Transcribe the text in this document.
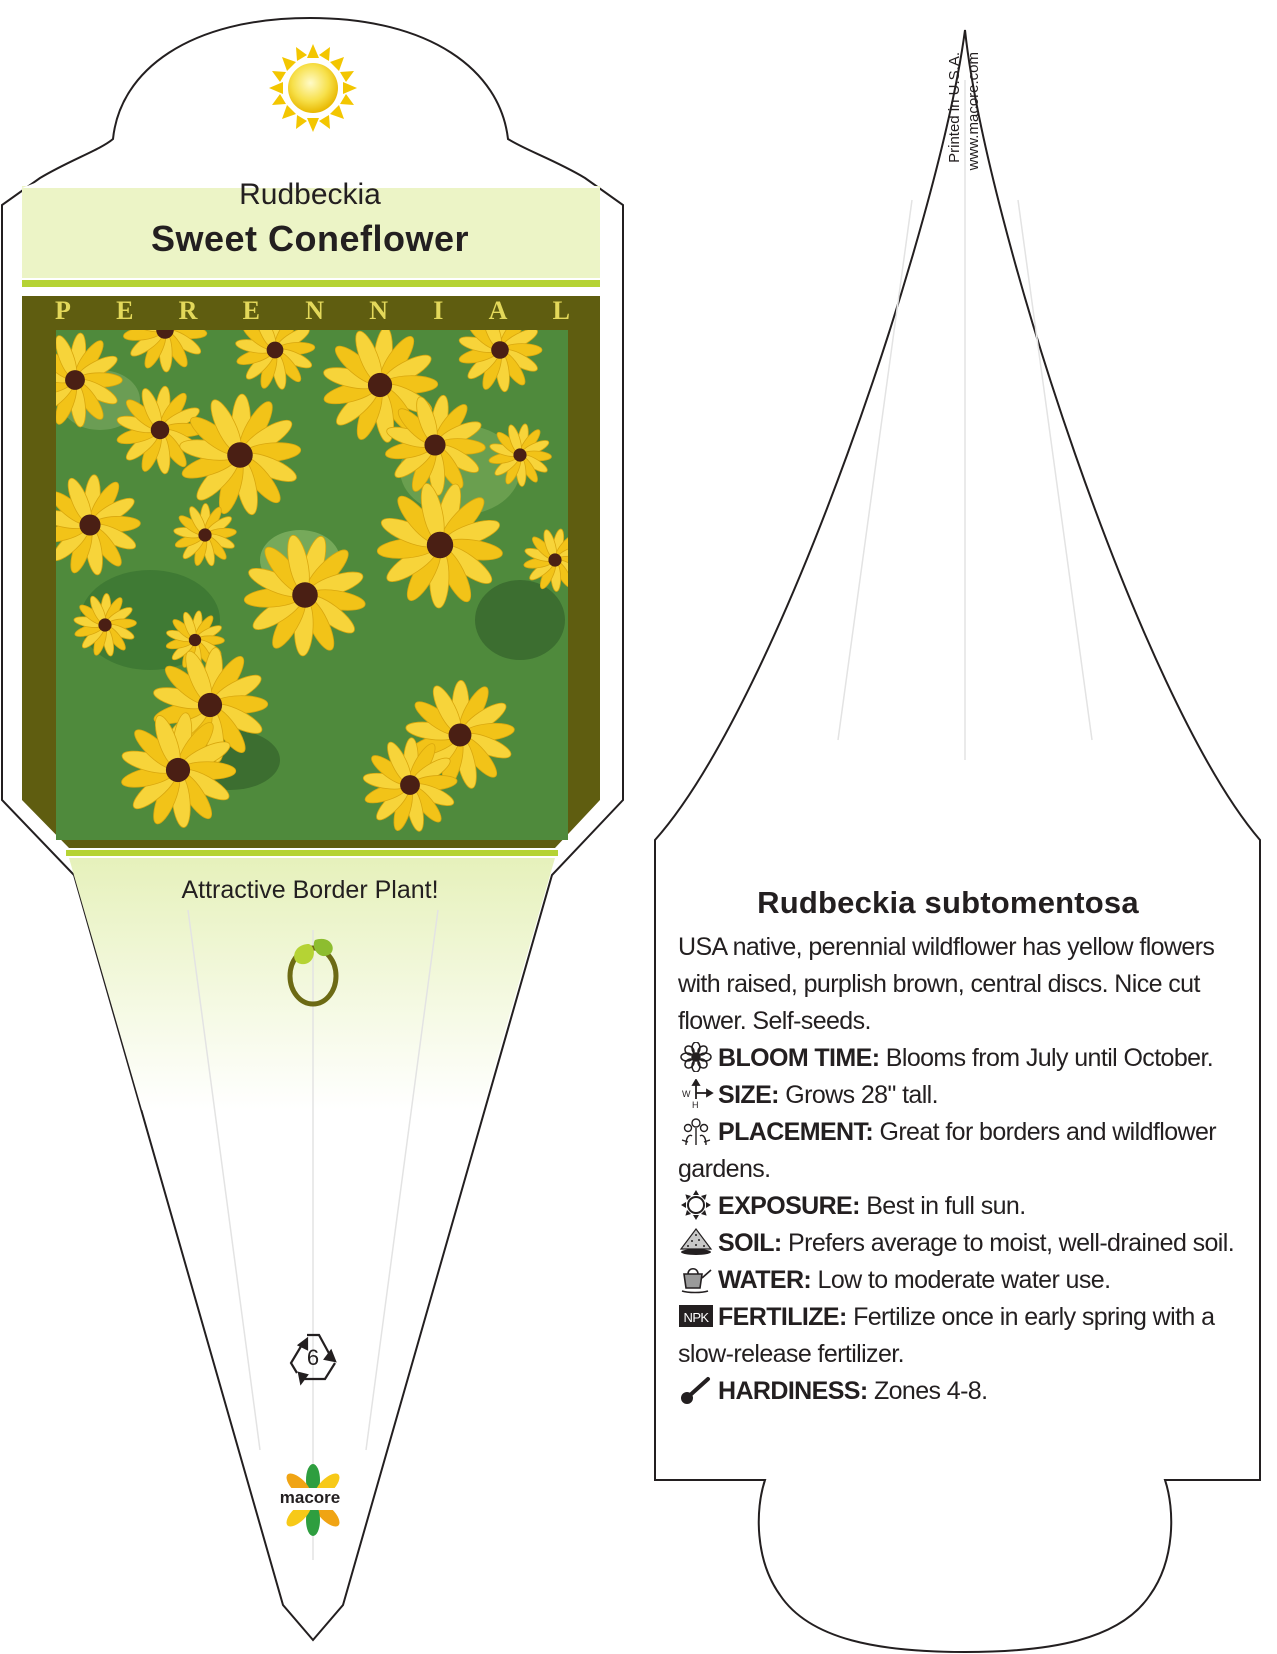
Rudbeckia
Sweet Coneflower
P E R E N N I A L
Attractive Border Plant!
6
macore
Printed in U.S.A. www.macore.com
Rudbeckia subtomentosa

USA native, perennial wildflower has yellow flowers with raised, purplish brown, central discs. Nice cut flower. Self-seeds.

BLOOM TIME: Blooms from July until October.

W
H SIZE: Grows 28" tall.

PLACEMENT: Great for borders and wildflower gardens.

EXPOSURE: Best in full sun.

SOIL: Prefers average to moist, well-drained soil.

WATER: Low to moderate water use.

NPK FERTILIZE: Fertilize once in early spring with a slow-release fertilizer.

HARDINESS: Zones 4-8.
